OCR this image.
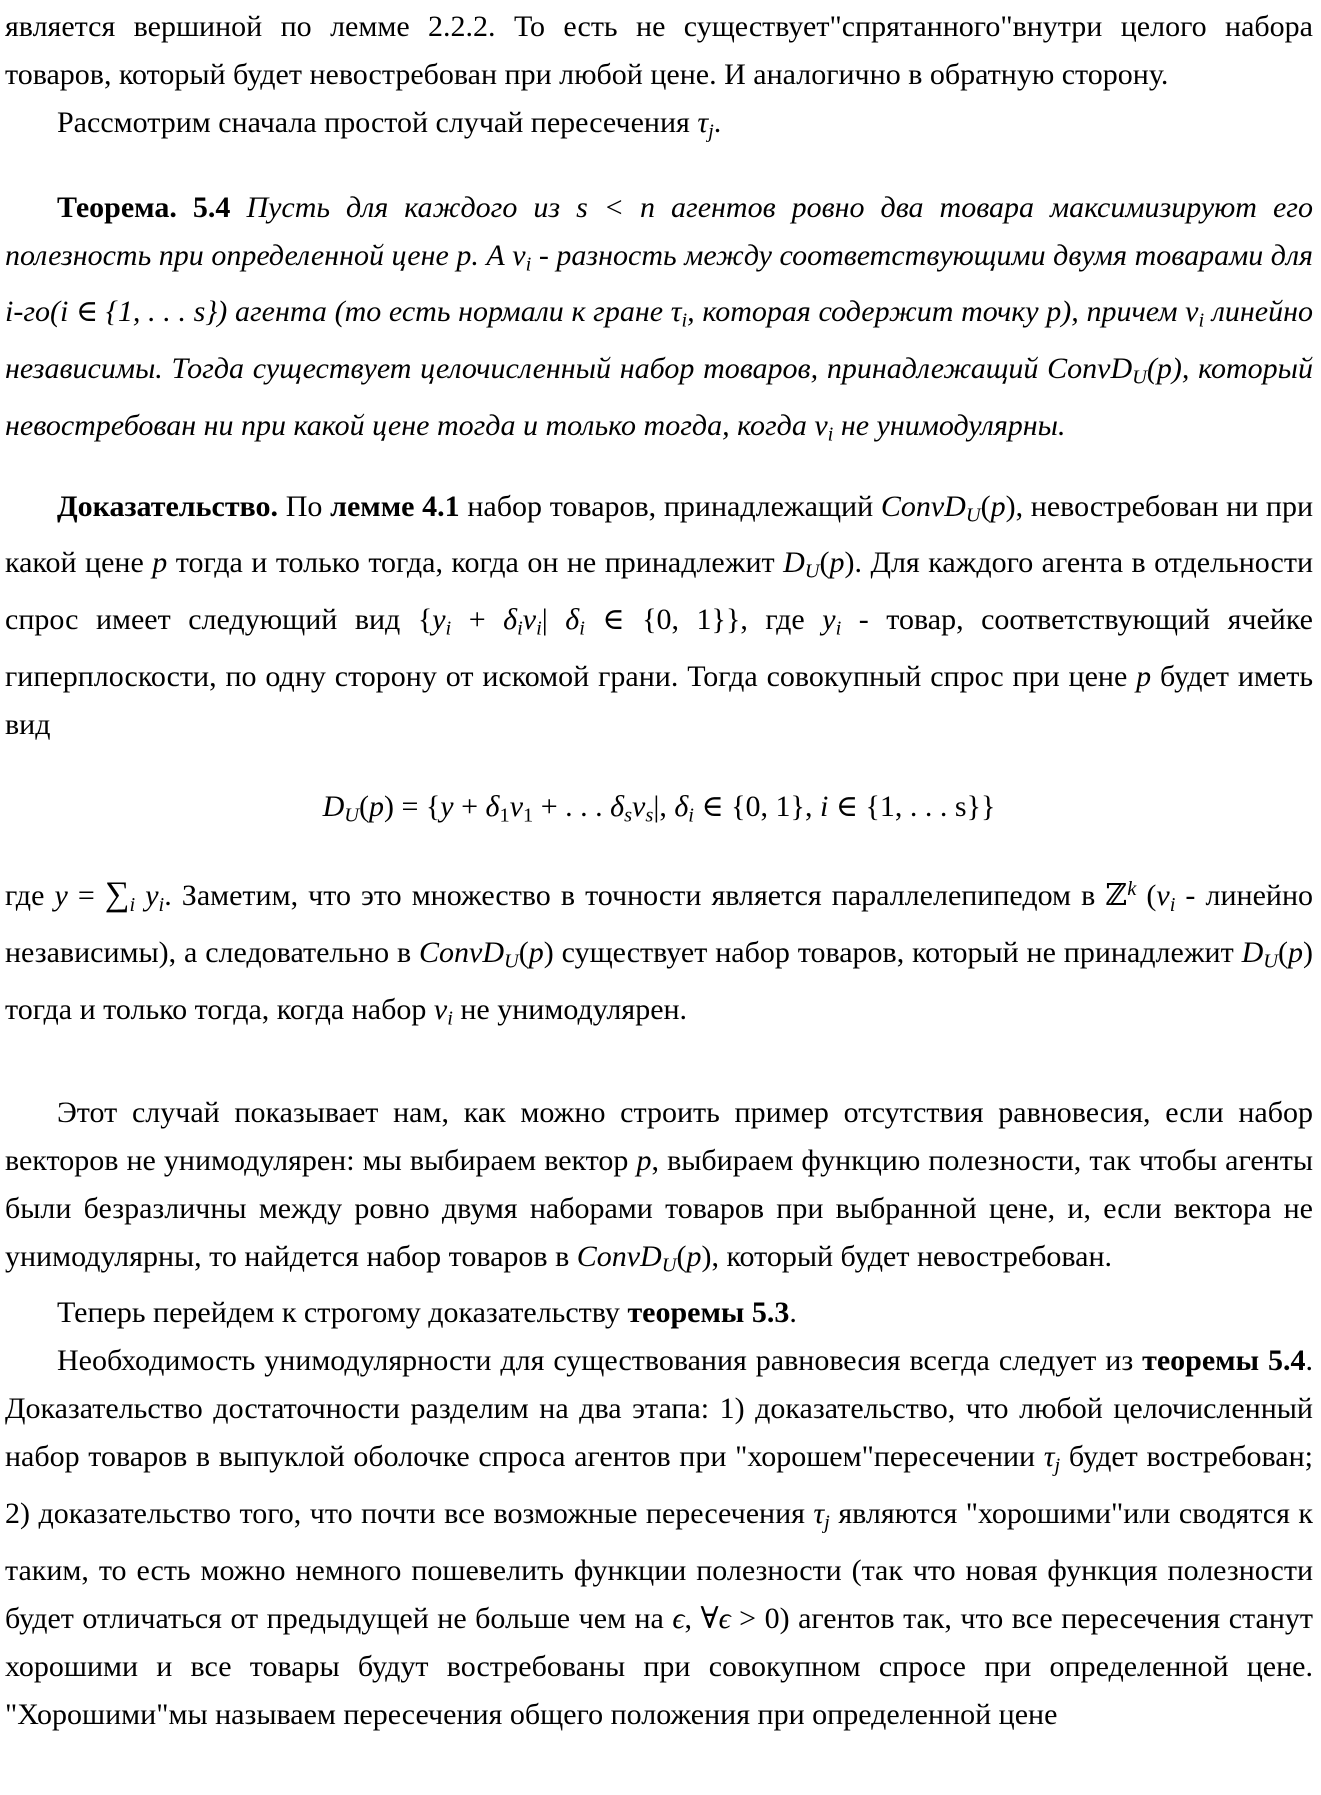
является вершиной по лемме 2.2.2. То есть не существует"спрятанного"внутри целого набора товаров, который будет невостребован при любой цене. И аналогично в обратную сторону.
Рассмотрим сначала простой случай пересечения τj.
Теорема. 5.4 Пусть для каждого из s < n агентов ровно два товара максимизируют его полезность при определенной цене p. А vi - разность между соответствующими двумя товарами для i-го(i ∈ {1, . . . s}) агента (то есть нормали к гране τi, которая содержит точку p), причем vi линейно независимы. Тогда существует целочисленный набор товаров, принадлежащий ConvDU(p), который невостребован ни при какой цене тогда и только тогда, когда vi не унимодулярны.
Доказательство. По лемме 4.1 набор товаров, принадлежащий ConvDU(p), невостребован ни при какой цене p тогда и только тогда, когда он не принадлежит DU(p). Для каждого агента в отдельности спрос имеет следующий вид {yi + δivi| δi ∈ {0, 1}}, где yi - товар, соответствующий ячейке гиперплоскости, по одну сторону от искомой грани. Тогда совокупный спрос при цене p будет иметь вид
$DU(p) = \{y + \delta_1v_1$ + . . . δsvs|, δi ∈ {0, 1}, i ∈ {1, . . . s}}
где y = ∑i yi. Заметим, что это множество в точности является параллелепипедом в ℤ$^k$ (vi - линейно независимы), а следовательно в ConvDU(p) существует набор товаров, который не принадлежит DU(p) тогда и только тогда, когда набор vi не унимодулярен.
Этот случай показывает нам, как можно строить пример отсутствия равновесия, если набор векторов не унимодулярен: мы выбираем вектор p, выбираем функцию полезности, так чтобы агенты были безразличны между ровно двумя наборами товаров при выбранной цене, и, если вектора не унимодулярны, то найдется набор товаров в ConvDU(p), который будет невостребован.
Теперь перейдем к строгому доказательству теоремы 5.3.
Необходимость унимодулярности для существования равновесия всегда следует из теоремы 5.4. Доказательство достаточности разделим на два этапа: 1) доказательство, что любой целочисленный набор товаров в выпуклой оболочке спроса агентов при "хорошем"пересечении τj будет востребован; 2) доказательство того, что почти все возможные пересечения τj являются "хорошими"или сводятся к таким, то есть можно немного пошевелить функции полезности (так что новая функция полезности будет отличаться от предыдущей не больше чем на ϵ, ∀ϵ > 0) агентов так, что все пересечения станут хорошими и все товары будут востребованы при совокупном спросе при определенной цене. "Хорошими"мы называем пересечения общего положения при определенной цене
